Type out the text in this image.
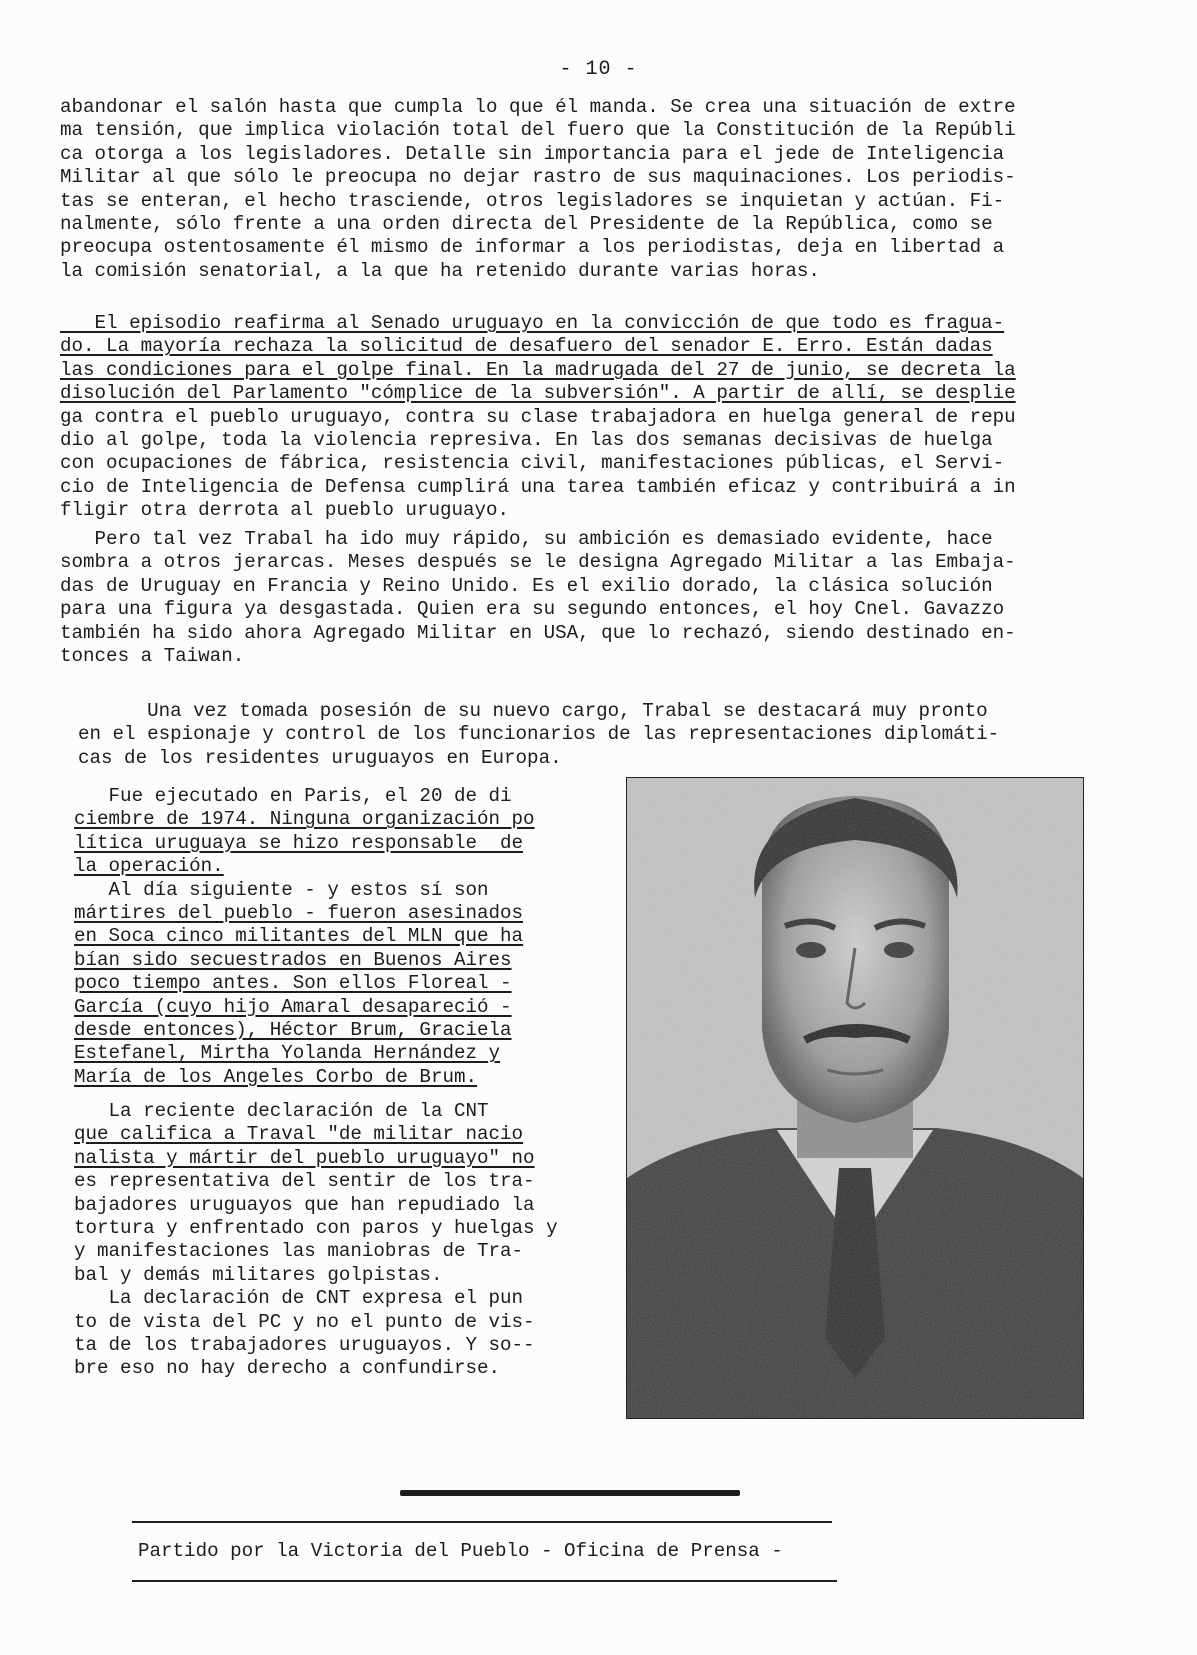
- 10 -
abandonar el salón hasta que cumpla lo que él manda. Se crea una situación de extre
ma tensión, que implica violación total del fuero que la Constitución de la Repúbli
ca otorga a los legisladores. Detalle sin importancia para el jede de Inteligencia
Militar al que sólo le preocupa no dejar rastro de sus maquinaciones. Los periodis-
tas se enteran, el hecho trasciende, otros legisladores se inquietan y actúan. Fi-
nalmente, sólo frente a una orden directa del Presidente de la República, como se
preocupa ostentosamente él mismo de informar a los periodistas, deja en libertad a
la comisión senatorial, a la que ha retenido durante varias horas.
El episodio reafirma al Senado uruguayo en la convicción de que todo es fragua-
do. La mayoría rechaza la solicitud de desafuero del senador E. Erro. Están dadas
las condiciones para el golpe final. En la madrugada del 27 de junio, se decreta la
disolución del Parlamento "cómplice de la subversión". A partir de allí, se desplie
ga contra el pueblo uruguayo, contra su clase trabajadora en huelga general de repu
dio al golpe, toda la violencia represiva. En las dos semanas decisivas de huelga
con ocupaciones de fábrica, resistencia civil, manifestaciones públicas, el Servi-
cio de Inteligencia de Defensa cumplirá una tarea también eficaz y contribuirá a in
fligir otra derrota al pueblo uruguayo.
Pero tal vez Trabal ha ido muy rápido, su ambición es demasiado evidente, hace
sombra a otros jerarcas. Meses después se le designa Agregado Militar a las Embaja-
das de Uruguay en Francia y Reino Unido. Es el exilio dorado, la clásica solución
para una figura ya desgastada. Quien era su segundo entonces, el hoy Cnel. Gavazzo
también ha sido ahora Agregado Militar en USA, que lo rechazó, siendo destinado en-
tonces a Taiwan.
Una vez tomada posesión de su nuevo cargo, Trabal se destacará muy pronto
en el espionaje y control de los funcionarios de las representaciones diplomáti-
cas de los residentes uruguayos en Europa.
Fue ejecutado en Paris, el 20 de di
ciembre de 1974. Ninguna organización po
lítica uruguaya se hizo responsable  de
la operación.
Al día siguiente - y estos sí son
mártires del pueblo - fueron asesinados
en Soca cinco militantes del MLN que ha
bían sido secuestrados en Buenos Aires
poco tiempo antes. Son ellos Floreal -
García (cuyo hijo Amaral desapareció -
desde entonces), Héctor Brum, Graciela
Estefanel, Mirtha Yolanda Hernández y
María de los Angeles Corbo de Brum.
La reciente declaración de la CNT
que califica a Traval "de militar nacio
nalista y mártir del pueblo uruguayo" no
es representativa del sentir de los tra-
bajadores uruguayos que han repudiado la
tortura y enfrentado con paros y huelgas y
y manifestaciones las maniobras de Tra-
bal y demás militares golpistas.
La declaración de CNT expresa el pun
to de vista del PC y no el punto de vis-
ta de los trabajadores uruguayos. Y so--
bre eso no hay derecho a confundirse.
Partido por la Victoria del Pueblo - Oficina de Prensa -
